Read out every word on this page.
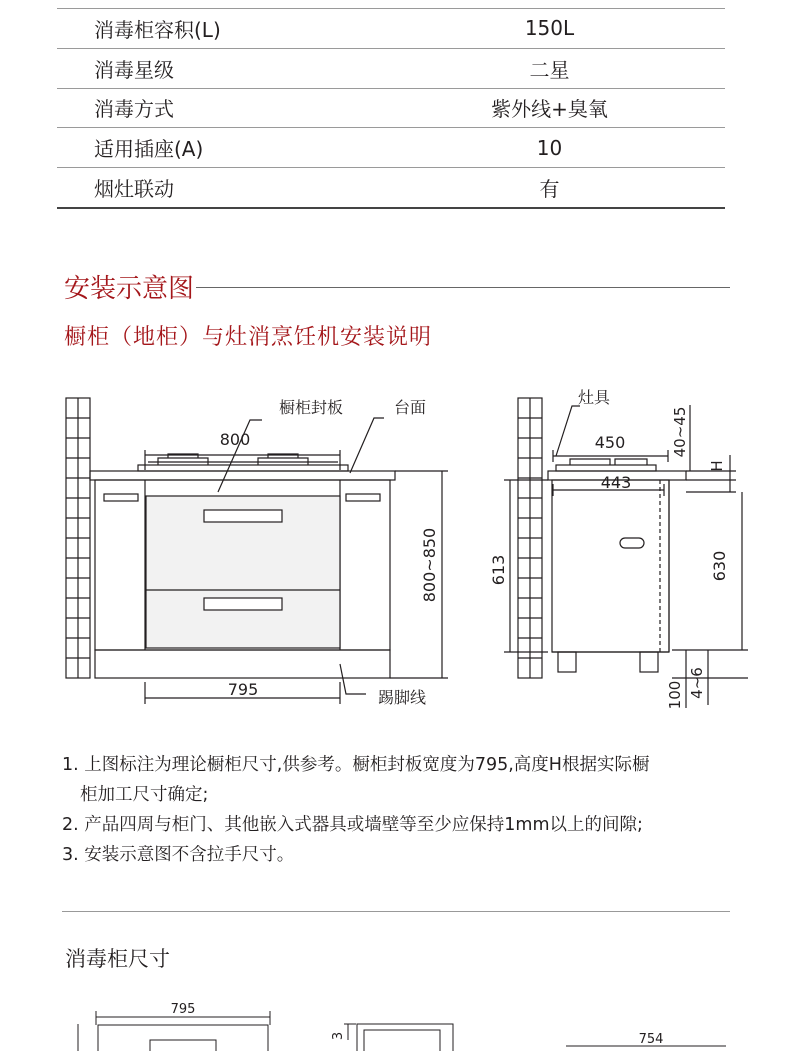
消毒柜容积(L)	150L
消毒星级	二星
消毒方式	紫外线+臭氧
适用插座(A)	10
烟灶联动	有
安装示意图
橱柜（地柜）与灶消烹饪机安装说明
800
橱柜封板	台面
800~850
795	踢脚线
灶具
450
443
40~45
H
613	630
100 4~6
1. 上图标注为理论橱柜尺寸,供参考。橱柜封板宽度为795,高度H根据实际橱
柜加工尺寸确定;
2. 产品四周与柜门、其他嵌入式器具或墙壁等至少应保持1mm以上的间隙;
3. 安装示意图不含拉手尺寸。
消毒柜尺寸
795
3	754
